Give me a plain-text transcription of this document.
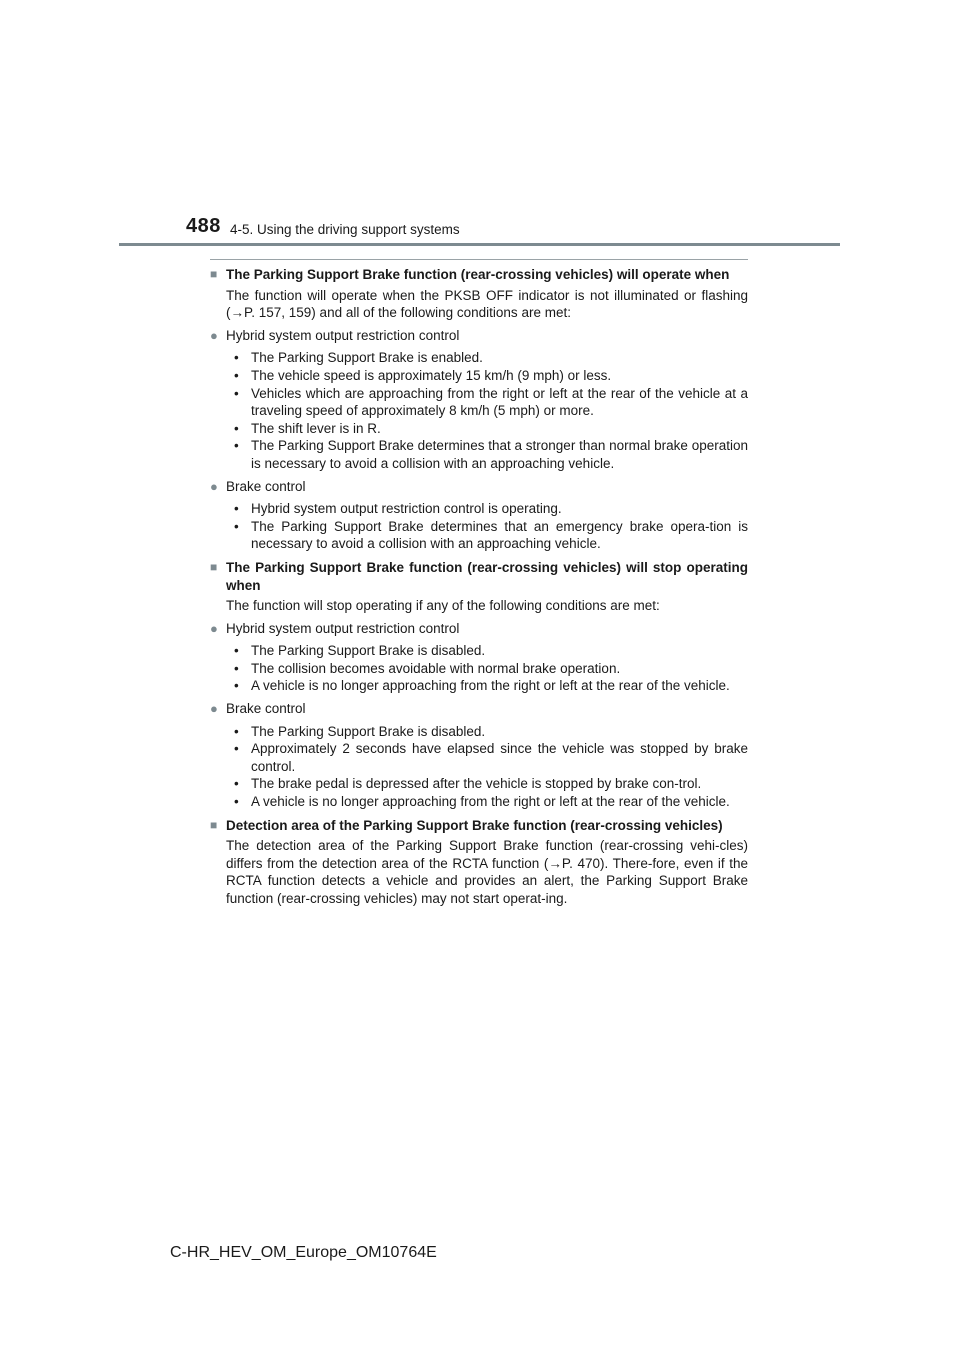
488 4-5. Using the driving support systems
■ The Parking Support Brake function (rear-crossing vehicles) will operate when
The function will operate when the PKSB OFF indicator is not illuminated or flashing (→P. 157, 159) and all of the following conditions are met:
● Hybrid system output restriction control
• The Parking Support Brake is enabled.
• The vehicle speed is approximately 15 km/h (9 mph) or less.
• Vehicles which are approaching from the right or left at the rear of the vehicle at a traveling speed of approximately 8 km/h (5 mph) or more.
• The shift lever is in R.
• The Parking Support Brake determines that a stronger than normal brake operation is necessary to avoid a collision with an approaching vehicle.
● Brake control
• Hybrid system output restriction control is operating.
• The Parking Support Brake determines that an emergency brake opera-tion is necessary to avoid a collision with an approaching vehicle.
■ The Parking Support Brake function (rear-crossing vehicles) will stop operating when
The function will stop operating if any of the following conditions are met:
● Hybrid system output restriction control
• The Parking Support Brake is disabled.
• The collision becomes avoidable with normal brake operation.
• A vehicle is no longer approaching from the right or left at the rear of the vehicle.
● Brake control
• The Parking Support Brake is disabled.
• Approximately 2 seconds have elapsed since the vehicle was stopped by brake control.
• The brake pedal is depressed after the vehicle is stopped by brake con-trol.
• A vehicle is no longer approaching from the right or left at the rear of the vehicle.
■ Detection area of the Parking Support Brake function (rear-crossing vehicles)
The detection area of the Parking Support Brake function (rear-crossing vehi-cles) differs from the detection area of the RCTA function (→P. 470). There-fore, even if the RCTA function detects a vehicle and provides an alert, the Parking Support Brake function (rear-crossing vehicles) may not start operat-ing.
C-HR_HEV_OM_Europe_OM10764E
